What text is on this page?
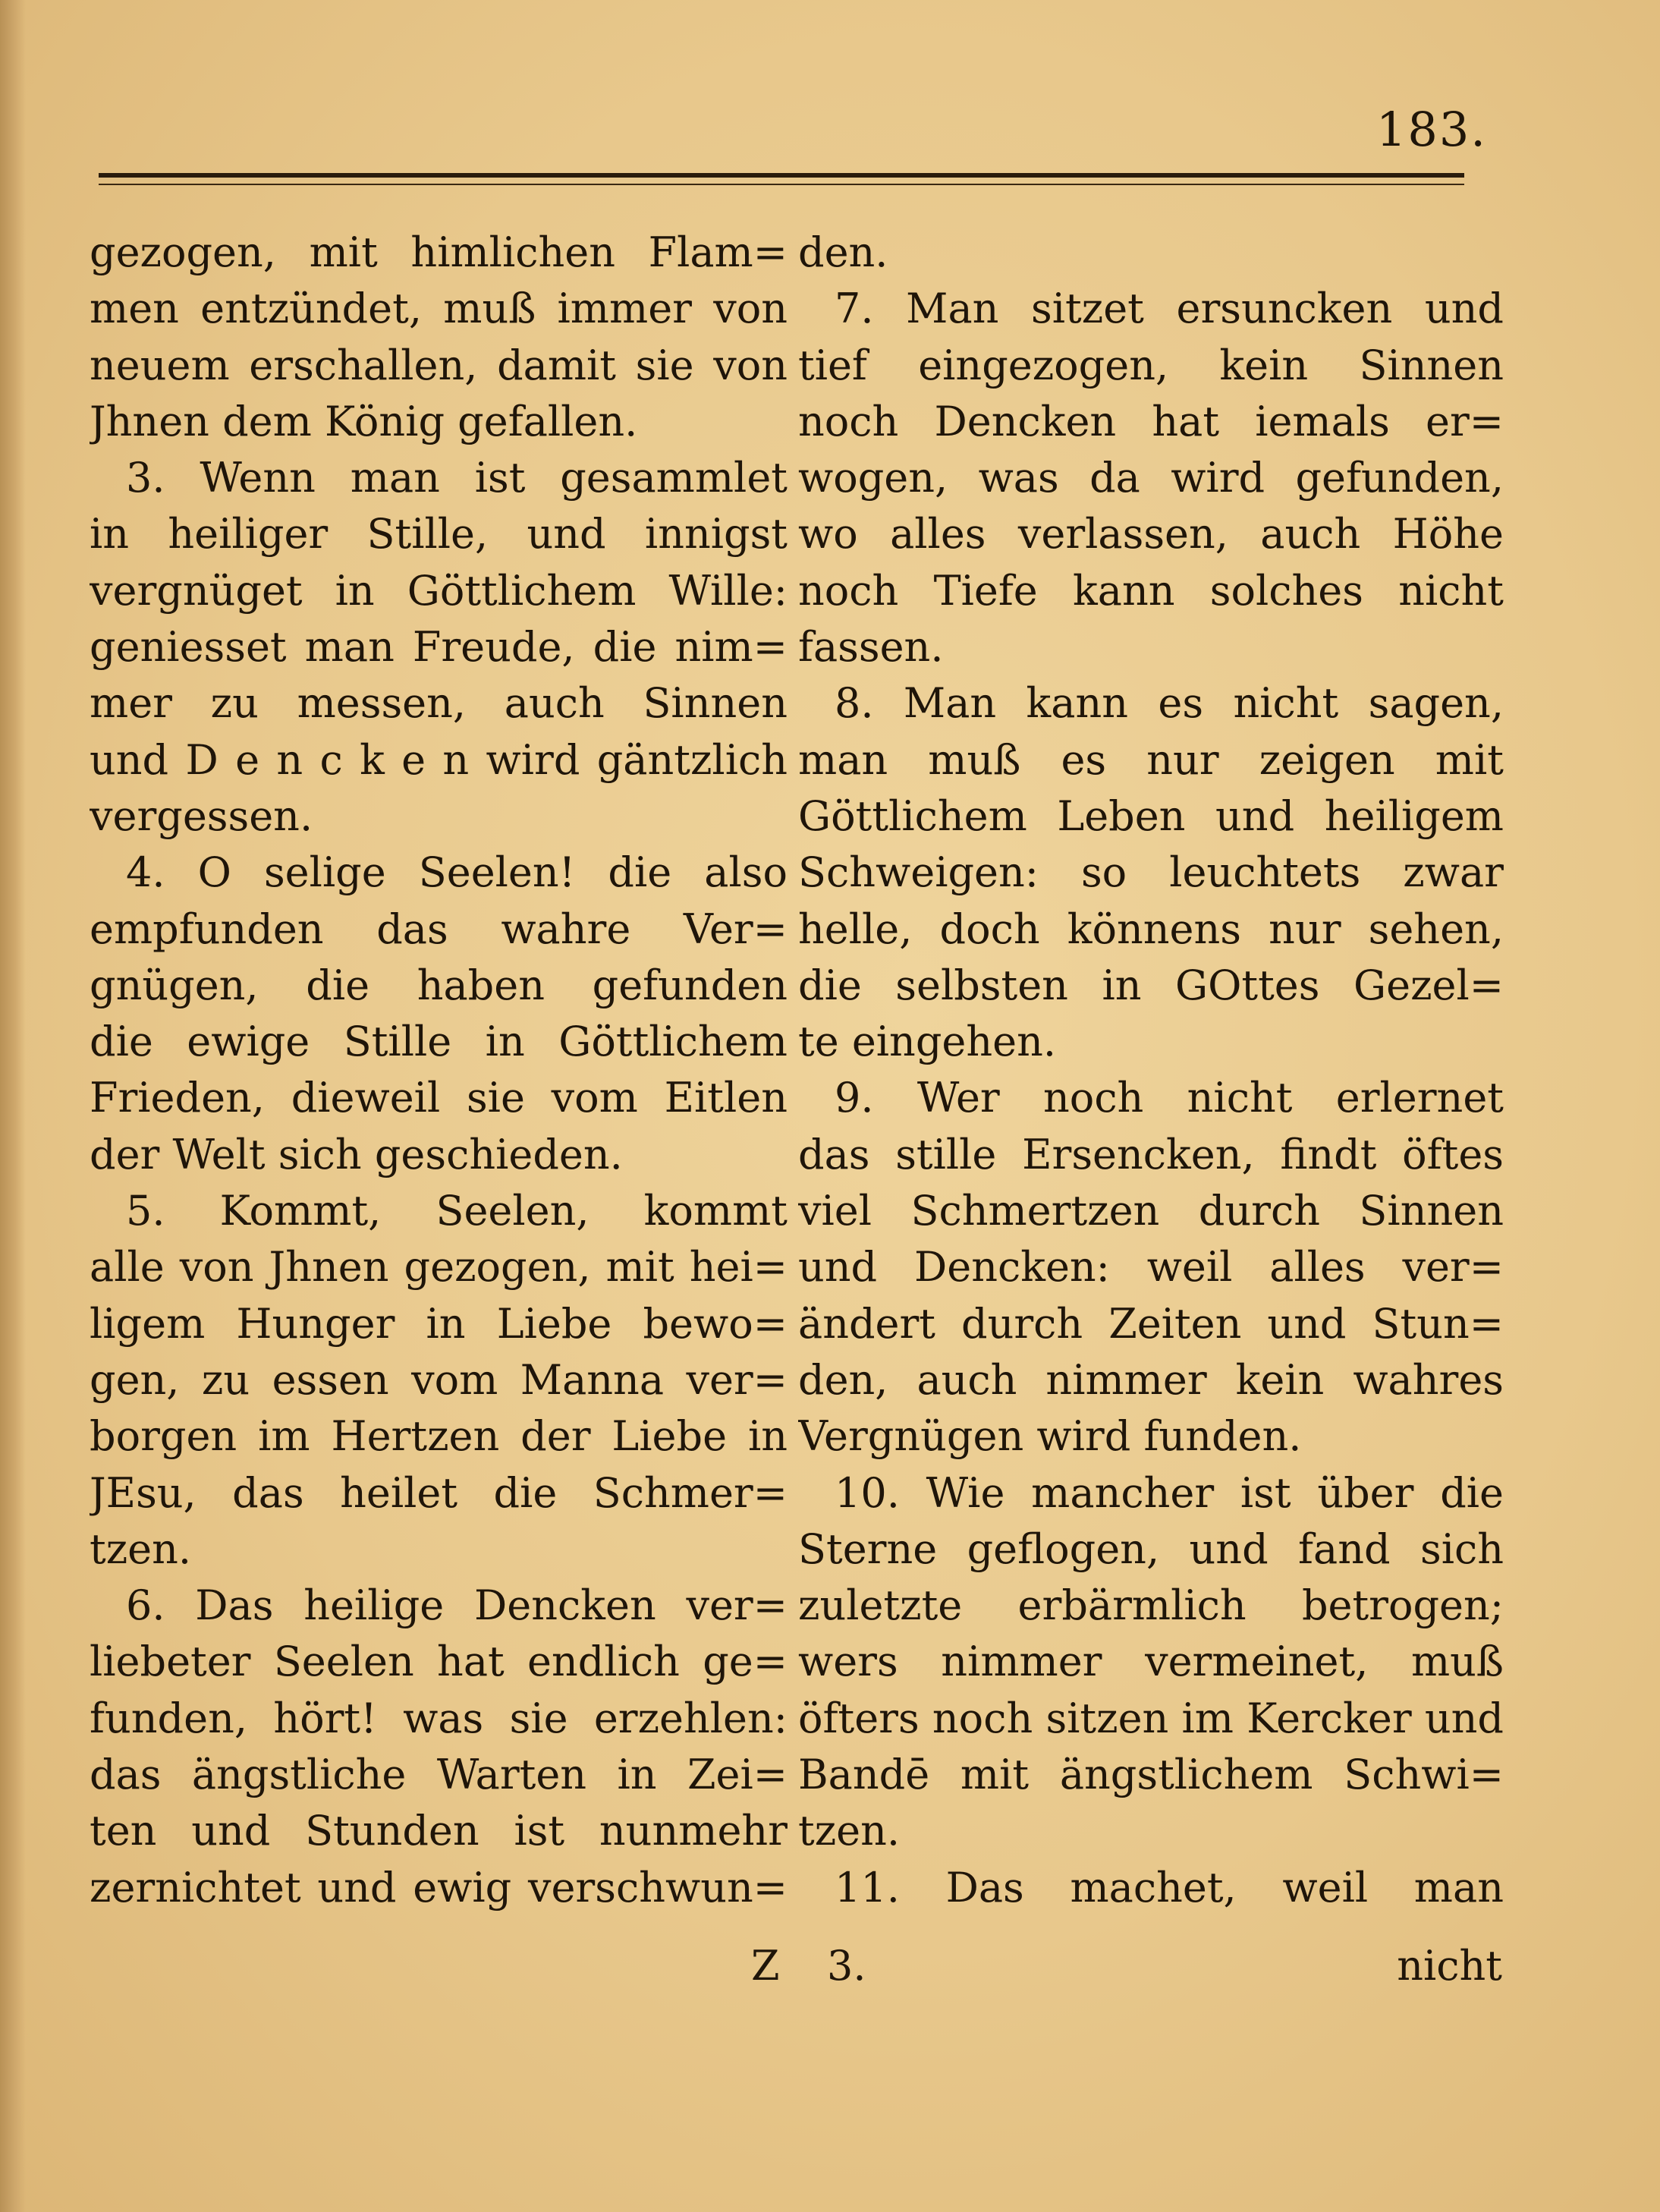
183.
gezogen, mit himlichen Flam=
men entzündet, muß immer von
neuem erschallen, damit sie von
Jhnen dem König gefallen.
3. Wenn man ist gesammlet
in heiliger Stille, und innigst
vergnüget in Göttlichem Wille:
geniesset man Freude, die nim=
mer zu messen, auch Sinnen
und D e n c k e n wird gäntzlich
vergessen.
4. O selige Seelen! die also
empfunden das wahre Ver=
gnügen, die haben gefunden
die ewige Stille in Göttlichem
Frieden, dieweil sie vom Eitlen
der Welt sich geschieden.
5. Kommt, Seelen, kommt
alle von Jhnen gezogen, mit hei=
ligem Hunger in Liebe bewo=
gen, zu essen vom Manna ver=
borgen im Hertzen der Liebe in
JEsu, das heilet die Schmer=
tzen.
6. Das heilige Dencken ver=
liebeter Seelen hat endlich ge=
funden, hört! was sie erzehlen:
das ängstliche Warten in Zei=
ten und Stunden ist nunmehr
zernichtet und ewig verschwun=
den.
7. Man sitzet ersuncken und
tief eingezogen, kein Sinnen
noch Dencken hat iemals er=
wogen, was da wird gefunden,
wo alles verlassen, auch Höhe
noch Tiefe kann solches nicht
fassen.
8. Man kann es nicht sagen,
man muß es nur zeigen mit
Göttlichem Leben und heiligem
Schweigen: so leuchtets zwar
helle, doch könnens nur sehen,
die selbsten in GOttes Gezel=
te eingehen.
9. Wer noch nicht erlernet
das stille Ersencken, findt öftes
viel Schmertzen durch Sinnen
und Dencken: weil alles ver=
ändert durch Zeiten und Stun=
den, auch nimmer kein wahres
Vergnügen wird funden.
10. Wie mancher ist über die
Sterne geflogen, und fand sich
zuletzte erbärmlich betrogen;
wers nimmer vermeinet, muß
öfters noch sitzen im Kercker und
Bandē mit ängstlichem Schwi=
tzen.
11. Das machet, weil man
Z	3.	nicht
